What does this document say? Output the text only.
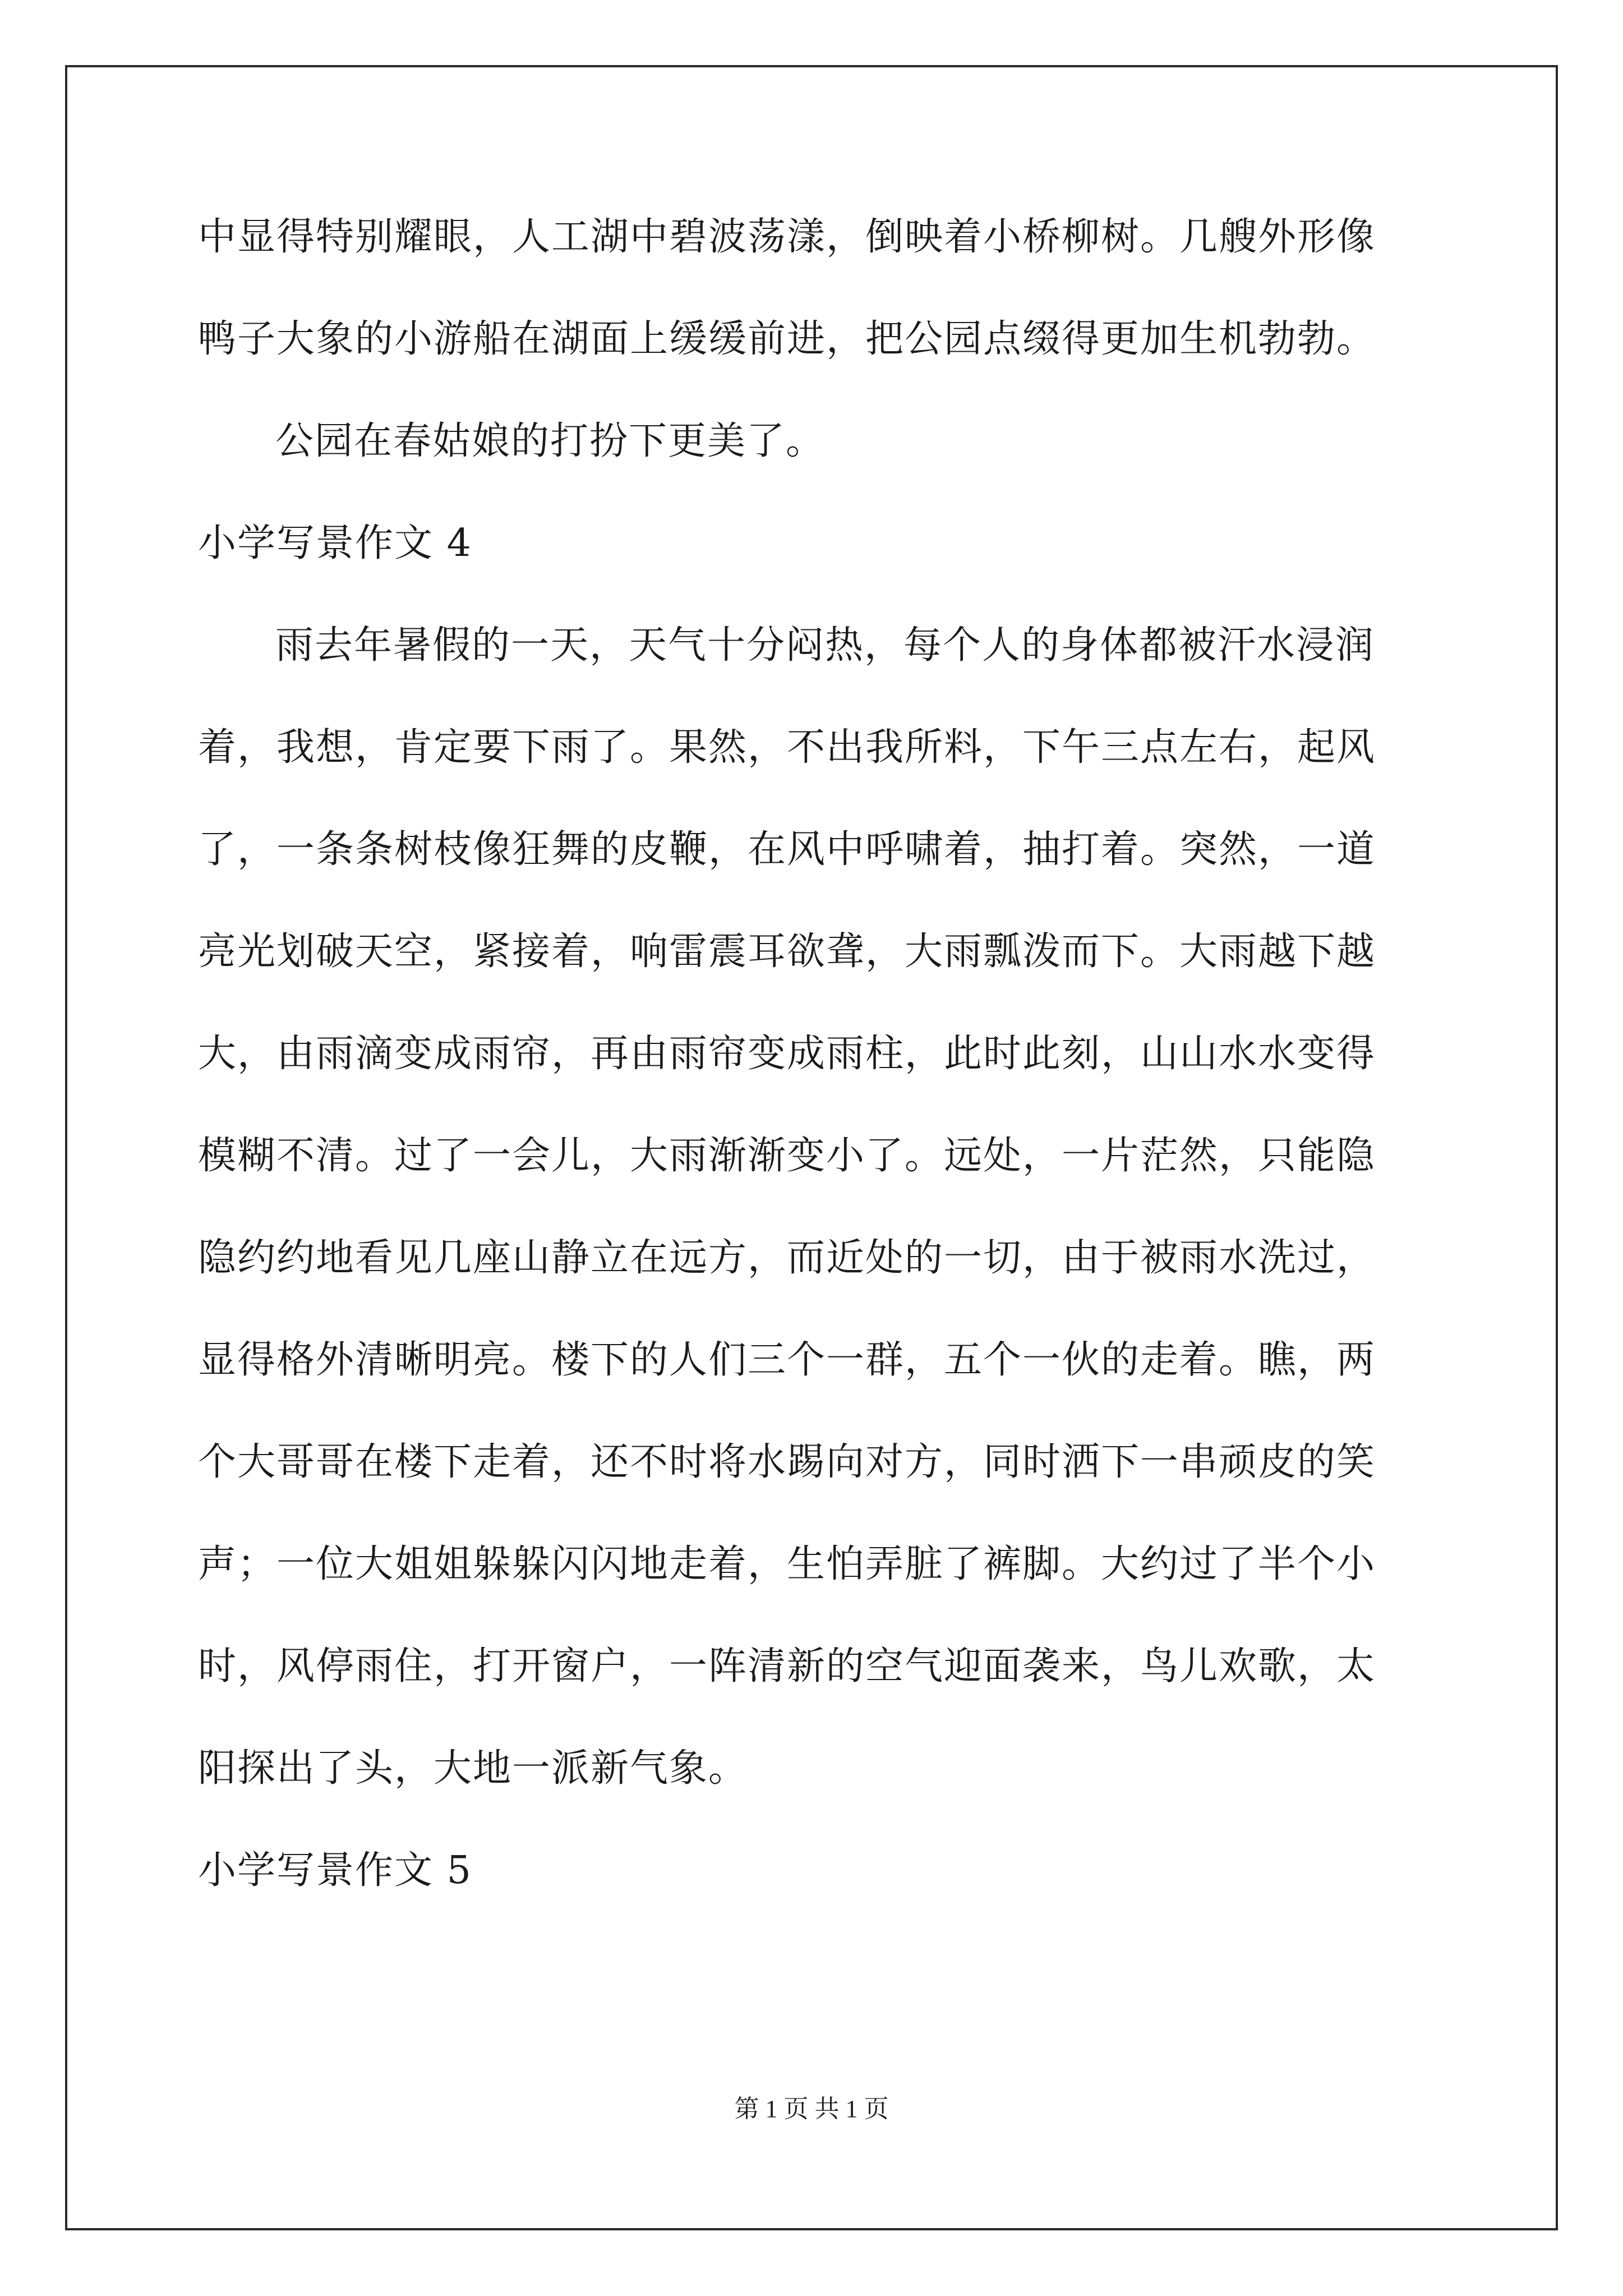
中显得特别耀眼，人工湖中碧波荡漾，倒映着小桥柳树。几艘外形像

鸭子大象的小游船在湖面上缓缓前进，把公园点缀得更加生机勃勃。

公园在春姑娘的打扮下更美了。

小学写景作文 4

雨去年暑假的一天，天气十分闷热，每个人的身体都被汗水浸润

着，我想，肯定要下雨了。果然，不出我所料，下午三点左右，起风

了，一条条树枝像狂舞的皮鞭，在风中呼啸着，抽打着。突然，一道

亮光划破天空，紧接着，响雷震耳欲聋，大雨瓢泼而下。大雨越下越

大，由雨滴变成雨帘，再由雨帘变成雨柱，此时此刻，山山水水变得

模糊不清。过了一会儿，大雨渐渐变小了。远处，一片茫然，只能隐

隐约约地看见几座山静立在远方，而近处的一切，由于被雨水洗过，

显得格外清晰明亮。楼下的人们三个一群，五个一伙的走着。瞧，两

个大哥哥在楼下走着，还不时将水踢向对方，同时洒下一串顽皮的笑

声；一位大姐姐躲躲闪闪地走着，生怕弄脏了裤脚。大约过了半个小

时，风停雨住，打开窗户，一阵清新的空气迎面袭来，鸟儿欢歌，太

阳探出了头，大地一派新气象。

小学写景作文 5

第 1 页 共 1 页
